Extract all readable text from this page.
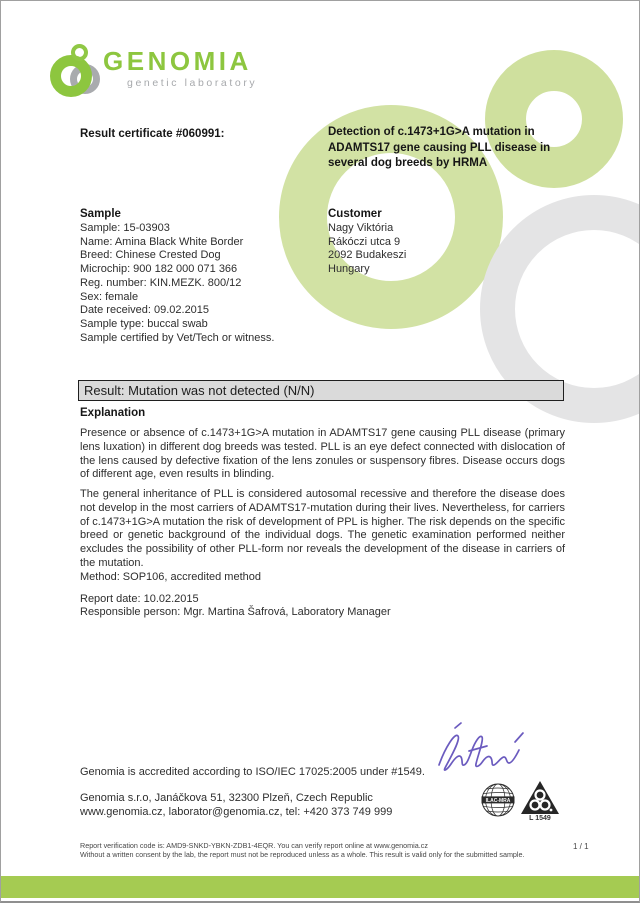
GENOMIA
genetic laboratory
Result certificate #060991:	Detection of c.1473+1G>A mutation in
ADAMTS17 gene causing PLL disease in
several dog breeds by HRMA
Sample
Sample: 15-03903
Name: Amina Black White Border
Breed: Chinese Crested Dog
Microchip: 900 182 000 071 366
Reg. number: KIN.MEZK. 800/12
Sex: female
Date received: 09.02.2015
Sample type: buccal swab
Sample certified by Vet/Tech or witness.
Customer
Nagy Viktória
Rákóczi utca 9
2092 Budakeszi
Hungary
Result: Mutation was not detected (N/N)
Explanation
Presence or absence of c.1473+1G>A mutation in ADAMTS17 gene causing PLL disease (primary lens luxation) in different dog breeds was tested. PLL is an eye defect connected with dislocation of the lens caused by defective fixation of the lens zonules or suspensory fibres. Disease occurs dogs of different age, even results in blinding.
The general inheritance of PLL is considered autosomal recessive and therefore the disease does not develop in the most carriers of ADAMTS17-mutation during their lives. Nevertheless, for carriers of c.1473+1G>A mutation the risk of development of PPL is higher. The risk depends on the specific breed or genetic background of the individual dogs. The genetic examination performed neither excludes the possibility of other PLL-form nor reveals the development of the disease in carriers of the mutation.
Method: SOP106, accredited method
Report date: 10.02.2015
Responsible person: Mgr. Martina Šafrová, Laboratory Manager
Genomia is accredited according to ISO/IEC 17025:2005 under #1549.
Genomia s.r.o, Janáčkova 51, 32300 Plzeň, Czech Republic
www.genomia.cz, laborator@genomia.cz, tel: +420 373 749 999
ILAC-MRA
L 1549
Report verification code is: AMD9-SNKD-YBKN-ZDB1-4EQR. You can verify report online at www.genomia.cz
Without a written consent by the lab, the report must not be reproduced unless as a whole. This result is valid only for the submitted sample.
1 / 1
